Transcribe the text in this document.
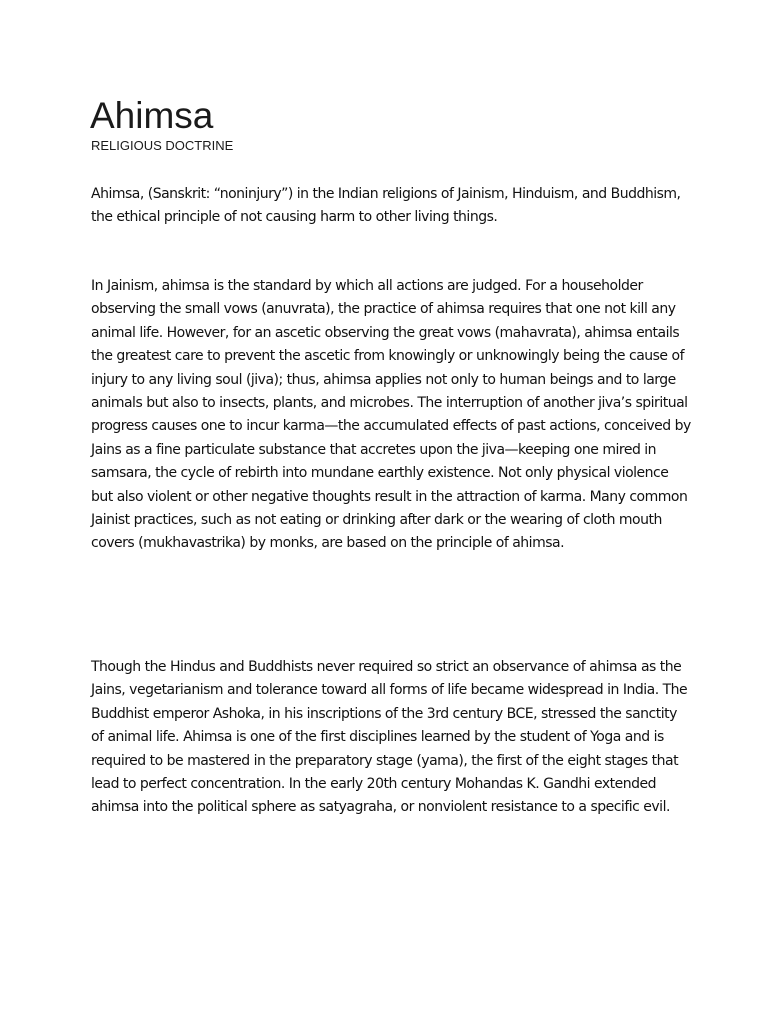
Ahimsa
RELIGIOUS DOCTRINE

Ahimsa, (Sanskrit: “noninjury”) in the Indian religions of Jainism, Hinduism, and Buddhism, the ethical principle of not causing harm to other living things.

In Jainism, ahimsa is the standard by which all actions are judged. For a householder observing the small vows (anuvrata), the practice of ahimsa requires that one not kill any animal life. However, for an ascetic observing the great vows (mahavrata), ahimsa entails the greatest care to prevent the ascetic from knowingly or unknowingly being the cause of injury to any living soul (jiva); thus, ahimsa applies not only to human beings and to large animals but also to insects, plants, and microbes. The interruption of another jiva’s spiritual progress causes one to incur karma—the accumulated effects of past actions, conceived by Jains as a fine particulate substance that accretes upon the jiva—keeping one mired in samsara, the cycle of rebirth into mundane earthly existence. Not only physical violence but also violent or other negative thoughts result in the attraction of karma. Many common Jainist practices, such as not eating or drinking after dark or the wearing of cloth mouth covers (mukhavastrika) by monks, are based on the principle of ahimsa.

Though the Hindus and Buddhists never required so strict an observance of ahimsa as the Jains, vegetarianism and tolerance toward all forms of life became widespread in India. The Buddhist emperor Ashoka, in his inscriptions of the 3rd century BCE, stressed the sanctity of animal life. Ahimsa is one of the first disciplines learned by the student of Yoga and is required to be mastered in the preparatory stage (yama), the first of the eight stages that lead to perfect concentration. In the early 20th century Mohandas K. Gandhi extended ahimsa into the political sphere as satyagraha, or nonviolent resistance to a specific evil.
